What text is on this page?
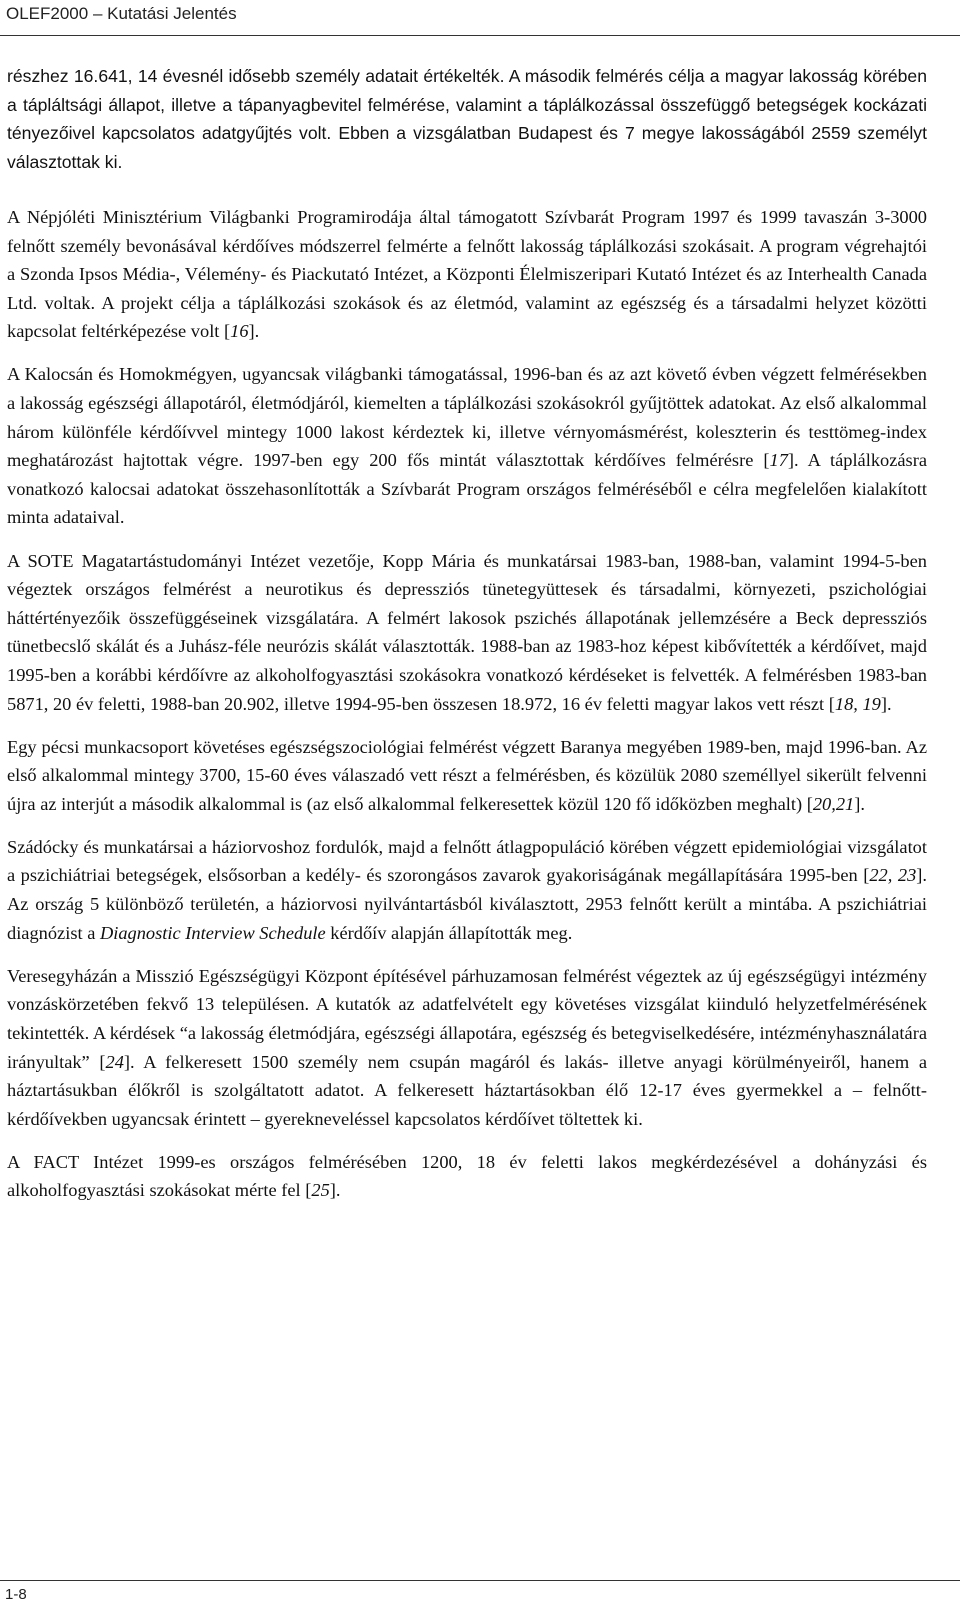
OLEF2000 – Kutatási Jelentés
részhez 16.641, 14 évesnél idősebb személy adatait értékelték. A második felmérés célja a magyar lakosság körében a tápláltsági állapot, illetve a tápanyagbevitel felmérése, valamint a táplálkozással összefüggő betegségek kockázati tényezőivel kapcsolatos adatgyűjtés volt. Ebben a vizsgálatban Budapest és 7 megye lakosságából 2559 személyt választottak ki.

A Népjóléti Minisztérium Világbanki Programirodája által támogatott Szívbarát Program 1997 és 1999 tavaszán 3-3000 felnőtt személy bevonásával kérdőíves módszerrel felmérte a felnőtt lakosság táplálkozási szokásait. A program végrehajtói a Szonda Ipsos Média-, Vélemény- és Piackutató Intézet, a Központi Élelmiszeripari Kutató Intézet és az Interhealth Canada Ltd. voltak. A projekt célja a táplálkozási szokások és az életmód, valamint az egészség és a társadalmi helyzet közötti kapcsolat feltérképezése volt [16].

A Kalocsán és Homokmégyen, ugyancsak világbanki támogatással, 1996-ban és az azt követő évben végzett felmérésekben a lakosság egészségi állapotáról, életmódjáról, kiemelten a táplálkozási szokásokról gyűjtöttek adatokat. Az első alkalommal három különféle kérdőívvel mintegy 1000 lakost kérdeztek ki, illetve vérnyomásmérést, koleszterin és testtömeg-index meghatározást hajtottak végre. 1997-ben egy 200 fős mintát választottak kérdőíves felmérésre [17]. A táplálkozásra vonatkozó kalocsai adatokat összehasonlították a Szívbarát Program országos felméréséből e célra megfelelően kialakított minta adataival.

A SOTE Magatartástudományi Intézet vezetője, Kopp Mária és munkatársai 1983-ban, 1988-ban, valamint 1994-5-ben végeztek országos felmérést a neurotikus és depressziós tünetegyüttesek és társadalmi, környezeti, pszichológiai háttértényezőik összefüggéseinek vizsgálatára. A felmért lakosok pszichés állapotának jellemzésére a Beck depressziós tünetbecslő skálát és a Juhász-féle neurózis skálát választották. 1988-ban az 1983-hoz képest kibővítették a kérdőívet, majd 1995-ben a korábbi kérdőívre az alkoholfogyasztási szokásokra vonatkozó kérdéseket is felvették. A felmérésben 1983-ban 5871, 20 év feletti, 1988-ban 20.902, illetve 1994-95-ben összesen 18.972, 16 év feletti magyar lakos vett részt [18, 19].

Egy pécsi munkacsoport követéses egészségszociológiai felmérést végzett Baranya megyében 1989-ben, majd 1996-ban. Az első alkalommal mintegy 3700, 15-60 éves válaszadó vett részt a felmérésben, és közülük 2080 személlyel sikerült felvenni újra az interjút a második alkalommal is (az első alkalommal felkeresettek közül 120 fő időközben meghalt) [20,21].

Szádócky és munkatársai a háziorvoshoz fordulók, majd a felnőtt átlagpopuláció körében végzett epidemiológiai vizsgálatot a pszichiátriai betegségek, elsősorban a kedély- és szorongásos zavarok gyakoriságának megállapítására 1995-ben [22, 23]. Az ország 5 különböző területén, a háziorvosi nyilvántartásból kiválasztott, 2953 felnőtt került a mintába. A pszichiátriai diagnózist a Diagnostic Interview Schedule kérdőív alapján állapították meg.

Veresegyházán a Misszió Egészségügyi Központ építésével párhuzamosan felmérést végeztek az új egészségügyi intézmény vonzáskörzetében fekvő 13 településen. A kutatók az adatfelvételt egy követéses vizsgálat kiinduló helyzetfelmérésének tekintették. A kérdések “a lakosság életmódjára, egészségi állapotára, egészség és betegviselkedésére, intézményhasználatára irányultak” [24]. A felkeresett 1500 személy nem csupán magáról és lakás- illetve anyagi körülményeiről, hanem a háztartásukban élőkről is szolgáltatott adatot. A felkeresett háztartásokban élő 12-17 éves gyermekkel a – felnőtt-kérdőívekben ugyancsak érintett – gyerekneveléssel kapcsolatos kérdőívet töltettek ki.

A FACT Intézet 1999-es országos felmérésében 1200, 18 év feletti lakos megkérdezésével a dohányzási és alkoholfogyasztási szokásokat mérte fel [25].

1-8
